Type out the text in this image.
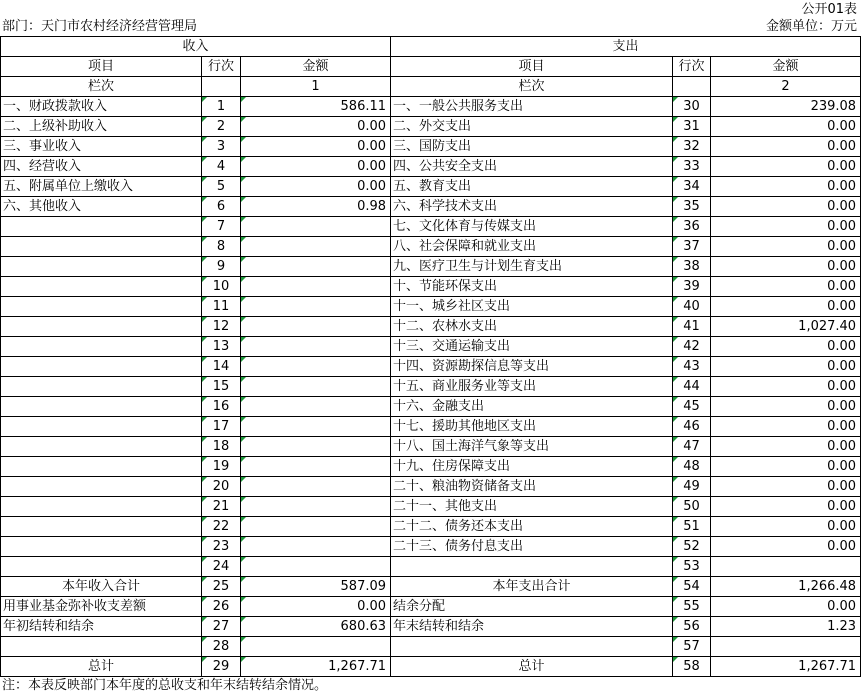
公开01表
部门：天门市农村经济经营管理局	金额单位：万元
收入			支出		
项目	行次	金额	项目	行次	金额
栏次		1	栏次		2
一、财政拨款收入	1	586.11	一、一般公共服务支出	30	239.08
二、上级补助收入	2	0.00	二、外交支出	31	0.00
三、事业收入	3	0.00	三、国防支出	32	0.00
四、经营收入	4	0.00	四、公共安全支出	33	0.00
五、附属单位上缴收入	5	0.00	五、教育支出	34	0.00
六、其他收入	6	0.98	六、科学技术支出	35	0.00
	7		七、文化体育与传媒支出	36	0.00
	8		八、社会保障和就业支出	37	0.00
	9		九、医疗卫生与计划生育支出	38	0.00
	10		十、节能环保支出	39	0.00
	11		十一、城乡社区支出	40	0.00
	12		十二、农林水支出	41	1,027.40
	13		十三、交通运输支出	42	0.00
	14		十四、资源勘探信息等支出	43	0.00
	15		十五、商业服务业等支出	44	0.00
	16		十六、金融支出	45	0.00
	17		十七、援助其他地区支出	46	0.00
	18		十八、国土海洋气象等支出	47	0.00
	19		十九、住房保障支出	48	0.00
	20		二十、粮油物资储备支出	49	0.00
	21		二十一、其他支出	50	0.00
	22		二十二、债务还本支出	51	0.00
	23		二十三、债务付息支出	52	0.00
	24			53	
本年收入合计	25	587.09	本年支出合计	54	1,266.48
用事业基金弥补收支差额	26	0.00	结余分配	55	0.00
年初结转和结余	27	680.63	年末结转和结余	56	1.23
	28			57	
总计	29	1,267.71	总计	58	1,267.71
注：本表反映部门本年度的总收支和年末结转结余情况。
